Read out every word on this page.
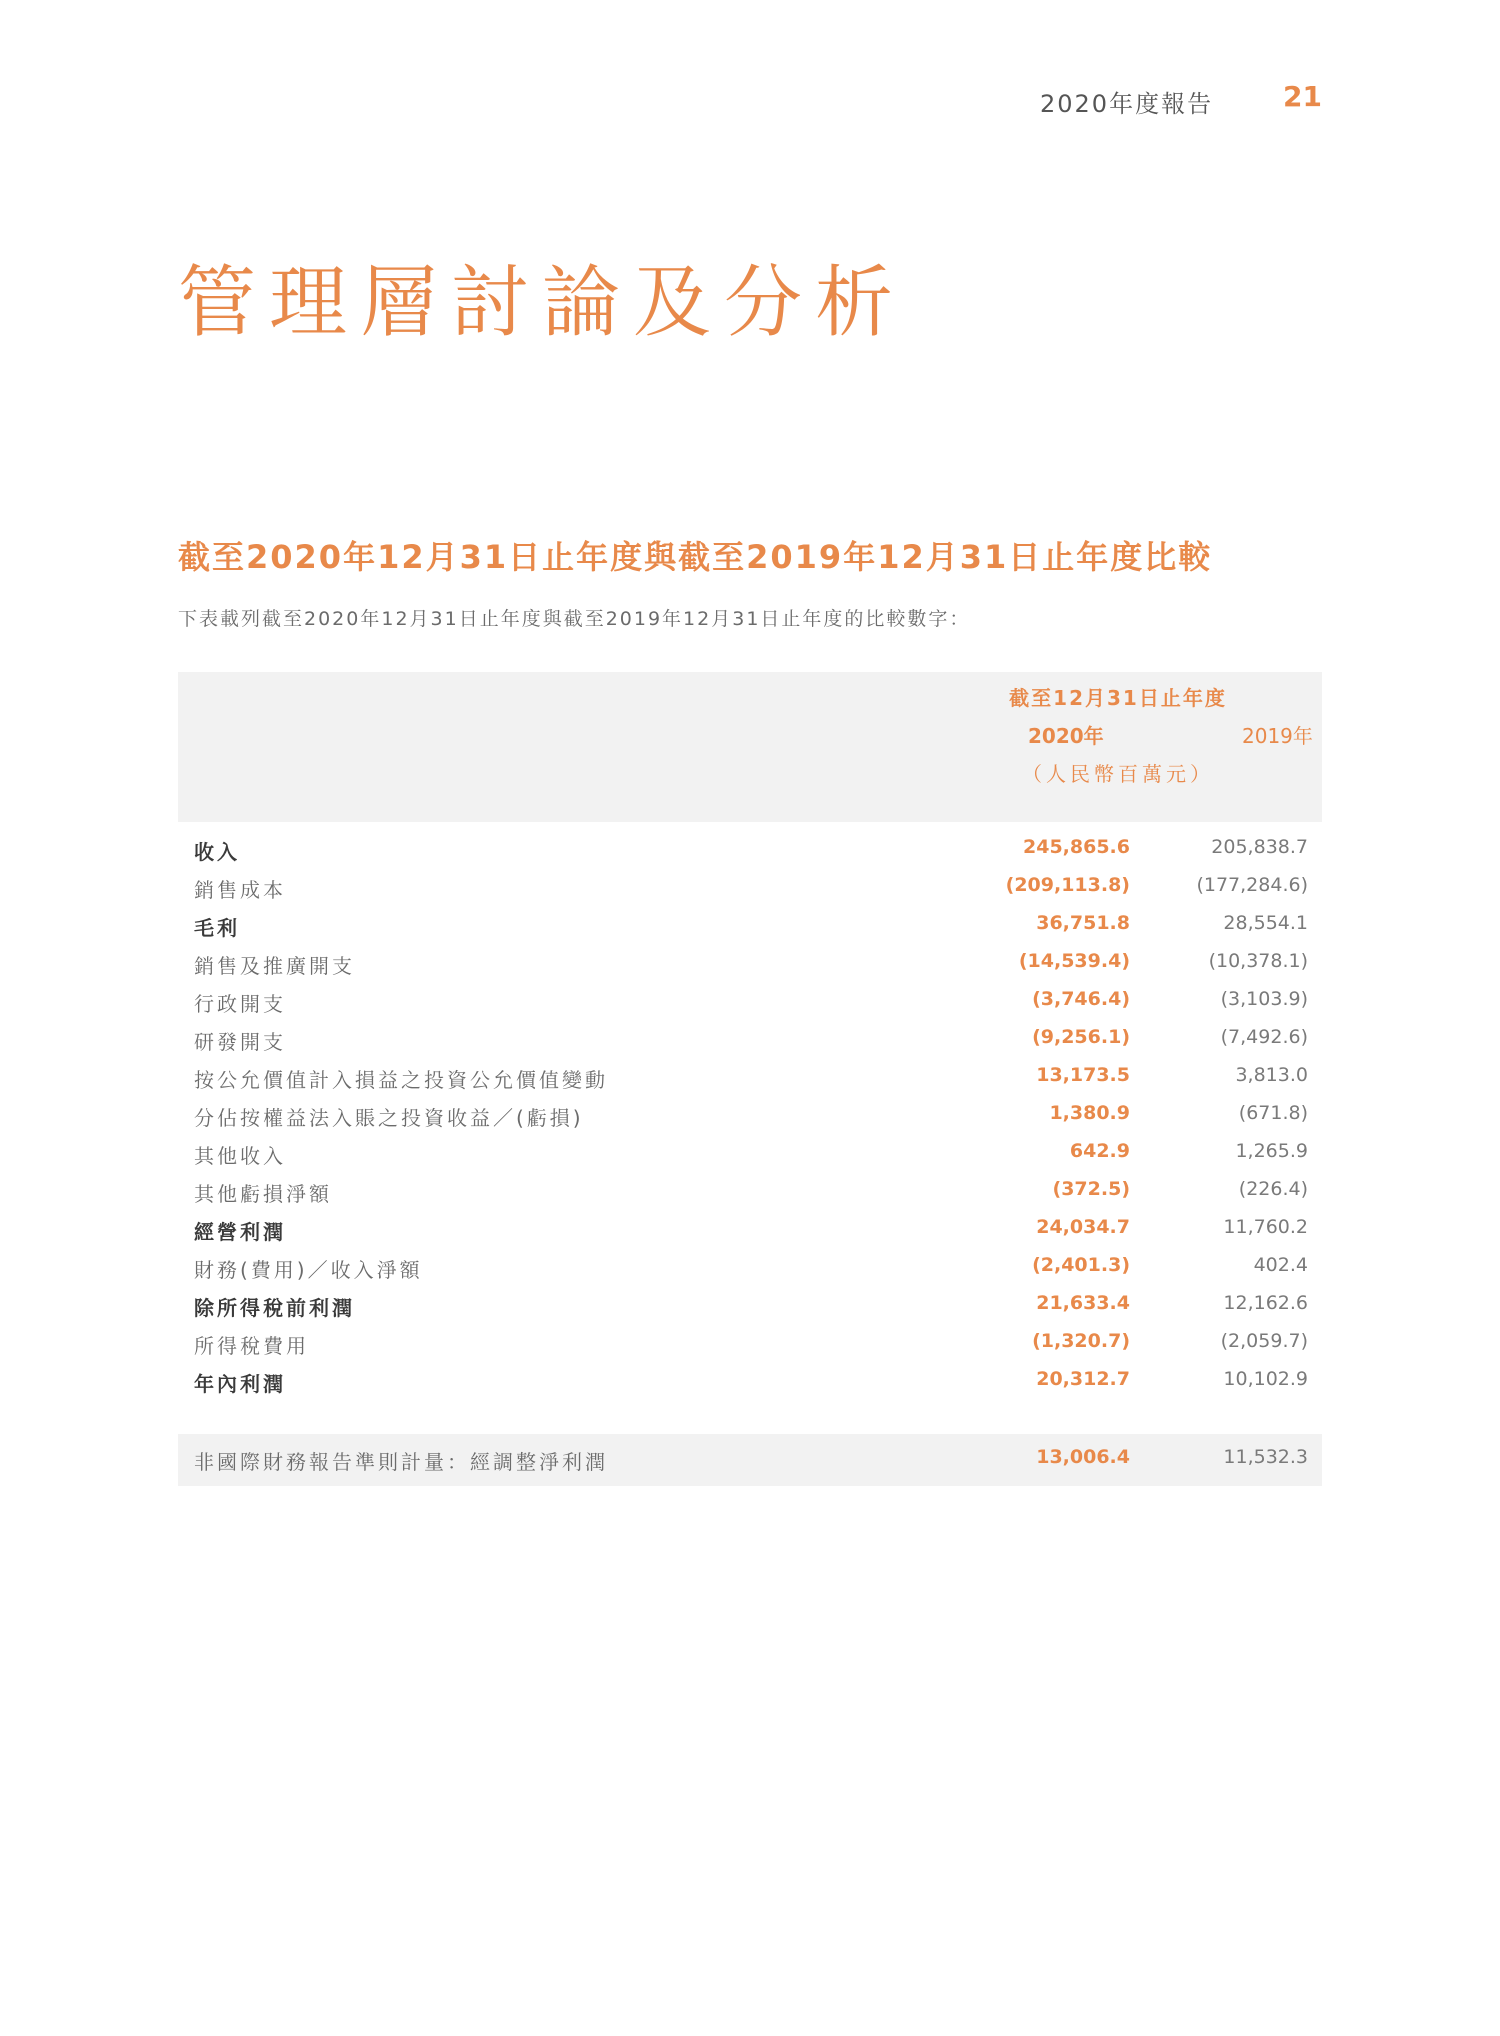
2020年度報告 21
管理層討論及分析
截至2020年12月31日止年度與截至2019年12月31日止年度比較

下表載列截至2020年12月31日止年度與截至2019年12月31日止年度的比較數字：

截至12月31日止年度
2020年	2019年
（人民幣百萬元）
收入	245,865.6	205,838.7
銷售成本	(209,113.8)	(177,284.6)
毛利	36,751.8	28,554.1
銷售及推廣開支	(14,539.4)	(10,378.1)
行政開支	(3,746.4)	(3,103.9)
研發開支	(9,256.1)	(7,492.6)
按公允價值計入損益之投資公允價值變動	13,173.5	3,813.0
分佔按權益法入賬之投資收益／(虧損)	1,380.9	(671.8)
其他收入	642.9	1,265.9
其他虧損淨額	(372.5)	(226.4)
經營利潤	24,034.7	11,760.2
財務(費用)／收入淨額	(2,401.3)	402.4
除所得稅前利潤	21,633.4	12,162.6
所得稅費用	(1,320.7)	(2,059.7)
年內利潤	20,312.7	10,102.9
非國際財務報告準則計量：經調整淨利潤	13,006.4	11,532.3
